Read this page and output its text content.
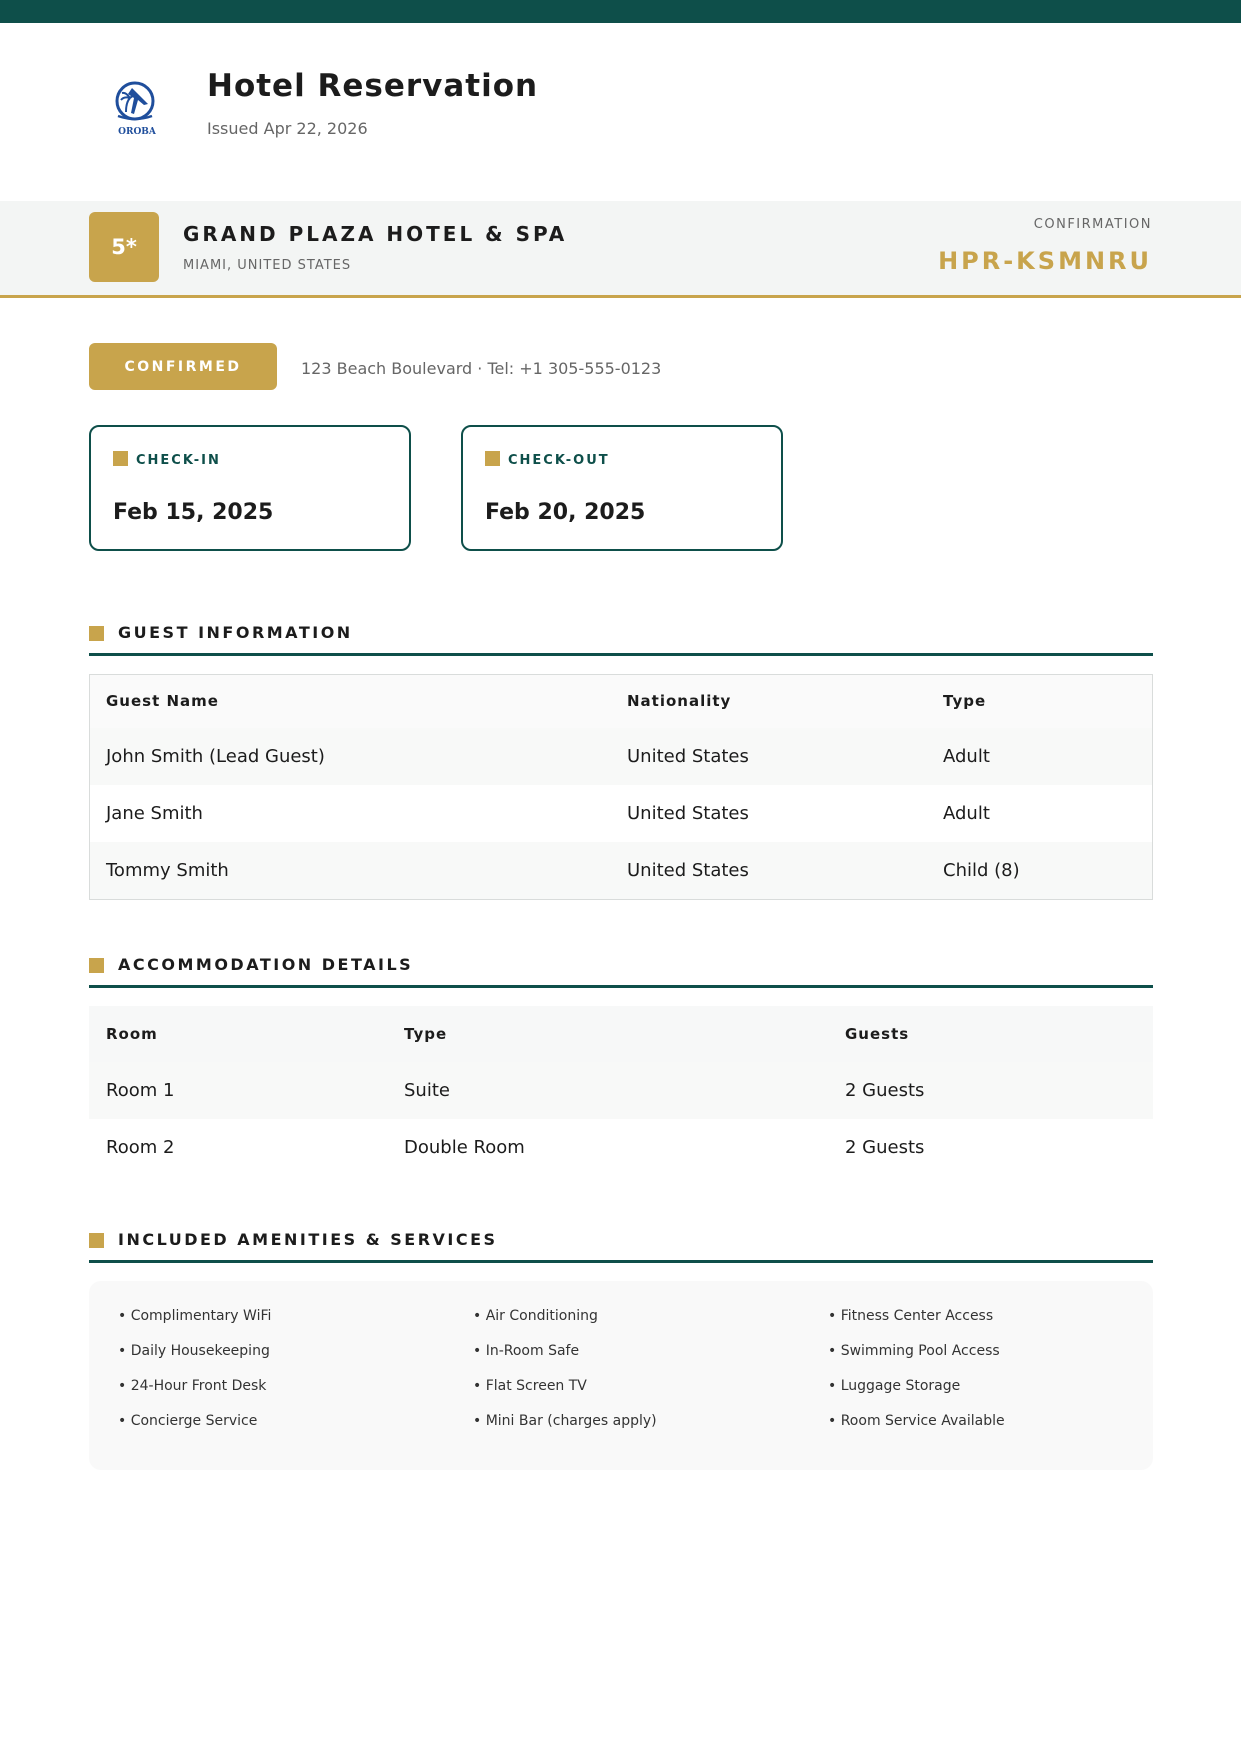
OROBA
Hotel Reservation
Issued Apr 22, 2026
5*
GRAND PLAZA HOTEL & SPA
MIAMI, UNITED STATES
CONFIRMATION
HPR-KSMNRU
CONFIRMED	123 Beach Boulevard · Tel: +1 305-555-0123
CHECK-IN
Feb 15, 2025
CHECK-OUT
Feb 20, 2025
GUEST INFORMATION
Guest Name	Nationality	Type
John Smith (Lead Guest)	United States	Adult
Jane Smith	United States	Adult
Tommy Smith	United States	Child (8)
ACCOMMODATION DETAILS
Room	Type	Guests
Room 1	Suite	2 Guests
Room 2	Double Room	2 Guests
INCLUDED AMENITIES & SERVICES
• Complimentary WiFi
• Daily Housekeeping
• 24-Hour Front Desk
• Concierge Service
• Air Conditioning
• In-Room Safe
• Flat Screen TV
• Mini Bar (charges apply)
• Fitness Center Access
• Swimming Pool Access
• Luggage Storage
• Room Service Available
